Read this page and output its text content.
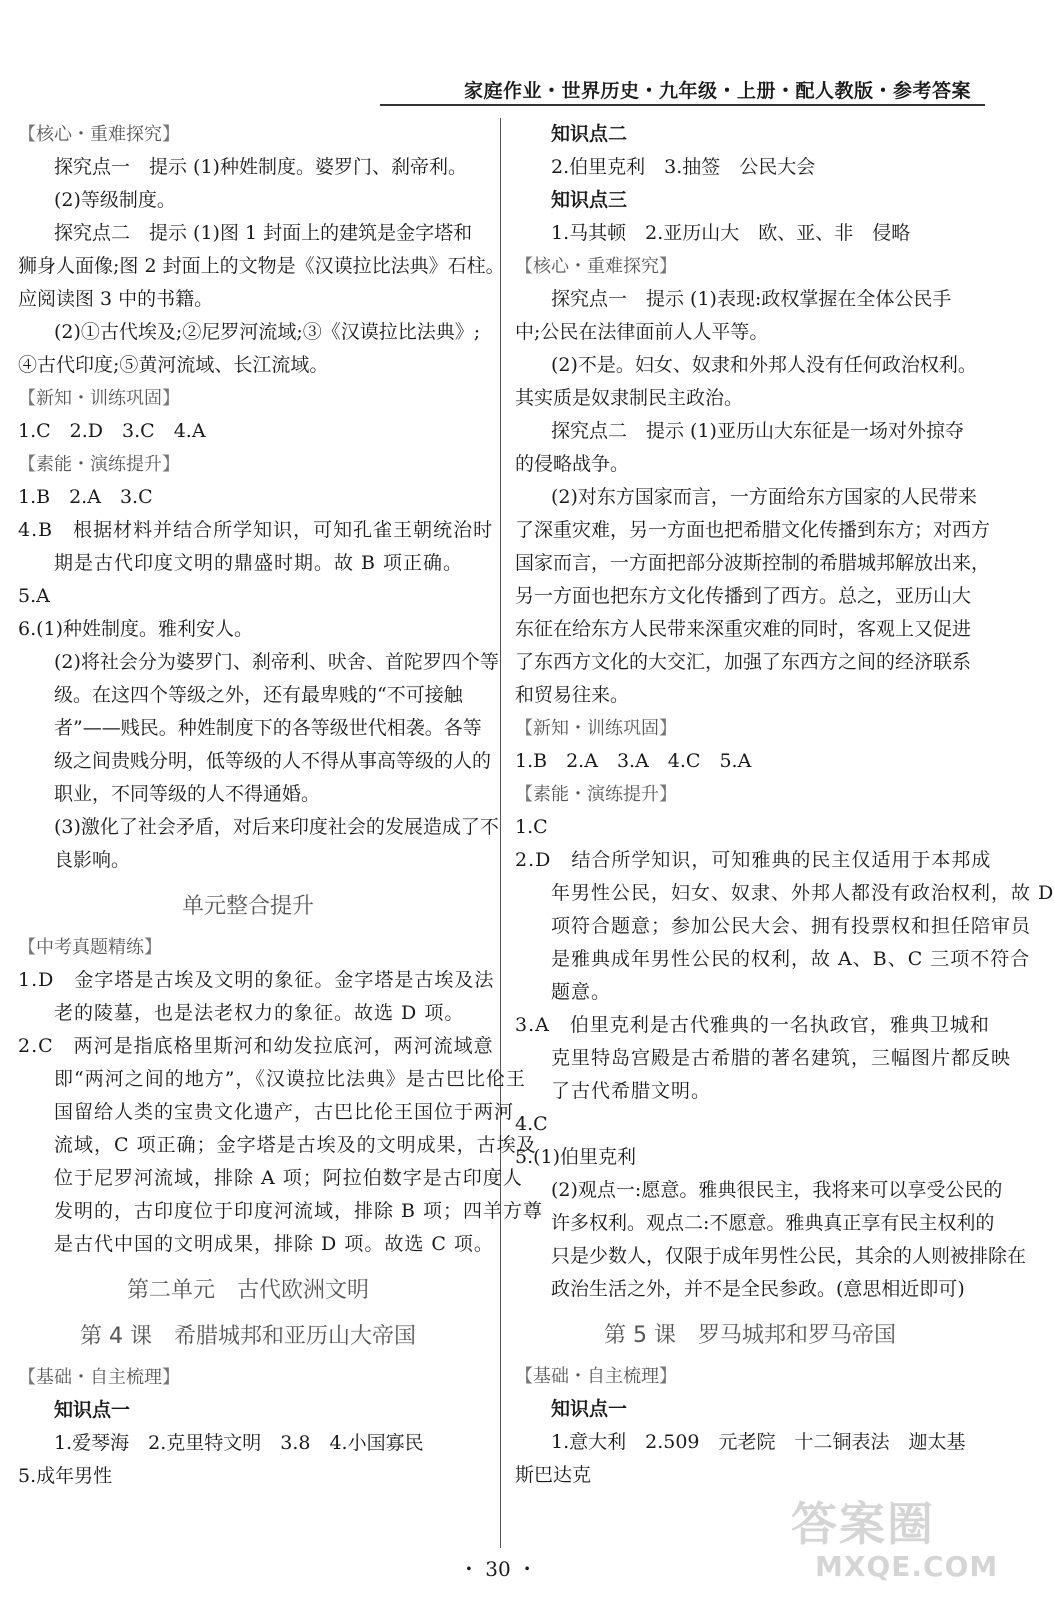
家庭作业・世界历史・九年级・上册・配人教版・参考答案
【核心・重难探究】

探究点一　提示 (1)种姓制度。婆罗门、刹帝利。

(2)等级制度。

探究点二　提示 (1)图 1 封面上的建筑是金字塔和

狮身人面像;图 2 封面上的文物是《汉谟拉比法典》石柱。

应阅读图 3 中的书籍。

(2)①古代埃及;②尼罗河流域;③《汉谟拉比法典》;

④古代印度;⑤黄河流域、长江流域。

【新知・训练巩固】

1.C　2.D　3.C　4.A

【素能・演练提升】

1.B　2.A　3.C

4.B　根据材料并结合所学知识，可知孔雀王朝统治时

期是古代印度文明的鼎盛时期。故 B 项正确。

5.A

6.(1)种姓制度。雅利安人。

(2)将社会分为婆罗门、刹帝利、吠舍、首陀罗四个等

级。在这四个等级之外，还有最卑贱的“不可接触

者”——贱民。种姓制度下的各等级世代相袭。各等

级之间贵贱分明，低等级的人不得从事高等级的人的

职业，不同等级的人不得通婚。

(3)激化了社会矛盾，对后来印度社会的发展造成了不

良影响。

单元整合提升
【中考真题精练】

1.D　金字塔是古埃及文明的象征。金字塔是古埃及法

老的陵墓，也是法老权力的象征。故选 D 项。

2.C　两河是指底格里斯河和幼发拉底河，两河流域意

即“两河之间的地方”，《汉谟拉比法典》是古巴比伦王

国留给人类的宝贵文化遗产，古巴比伦王国位于两河

流域，C 项正确；金字塔是古埃及的文明成果，古埃及

位于尼罗河流域，排除 A 项；阿拉伯数字是古印度人

发明的，古印度位于印度河流域，排除 B 项；四羊方尊

是古代中国的文明成果，排除 D 项。故选 C 项。

第二单元　古代欧洲文明
第 4 课　希腊城邦和亚历山大帝国
【基础・自主梳理】

知识点一

1.爱琴海　2.克里特文明　3.8　4.小国寡民

5.成年男性

知识点二

2.伯里克利　3.抽签　公民大会

知识点三

1.马其顿　2.亚历山大　欧、亚、非　侵略

【核心・重难探究】

探究点一　提示 (1)表现:政权掌握在全体公民手

中;公民在法律面前人人平等。

(2)不是。妇女、奴隶和外邦人没有任何政治权利。

其实质是奴隶制民主政治。

探究点二　提示 (1)亚历山大东征是一场对外掠夺

的侵略战争。

(2)对东方国家而言，一方面给东方国家的人民带来

了深重灾难，另一方面也把希腊文化传播到东方；对西方

国家而言，一方面把部分波斯控制的希腊城邦解放出来，

另一方面也把东方文化传播到了西方。总之，亚历山大

东征在给东方人民带来深重灾难的同时，客观上又促进

了东西方文化的大交汇，加强了东西方之间的经济联系

和贸易往来。

【新知・训练巩固】

1.B　2.A　3.A　4.C　5.A

【素能・演练提升】

1.C

2.D　结合所学知识，可知雅典的民主仅适用于本邦成

年男性公民，妇女、奴隶、外邦人都没有政治权利，故 D

项符合题意；参加公民大会、拥有投票权和担任陪审员

是雅典成年男性公民的权利，故 A、B、C 三项不符合

题意。

3.A　伯里克利是古代雅典的一名执政官，雅典卫城和

克里特岛宫殿是古希腊的著名建筑，三幅图片都反映

了古代希腊文明。

4.C

5.(1)伯里克利

(2)观点一:愿意。雅典很民主，我将来可以享受公民的

许多权利。观点二:不愿意。雅典真正享有民主权利的

只是少数人，仅限于成年男性公民，其余的人则被排除在

政治生活之外，并不是全民参政。(意思相近即可)

第 5 课　罗马城邦和罗马帝国
【基础・自主梳理】

知识点一

1.意大利　2.509　元老院　十二铜表法　迦太基

斯巴达克

・ 30 ・
答案圈
MXQE.COM
